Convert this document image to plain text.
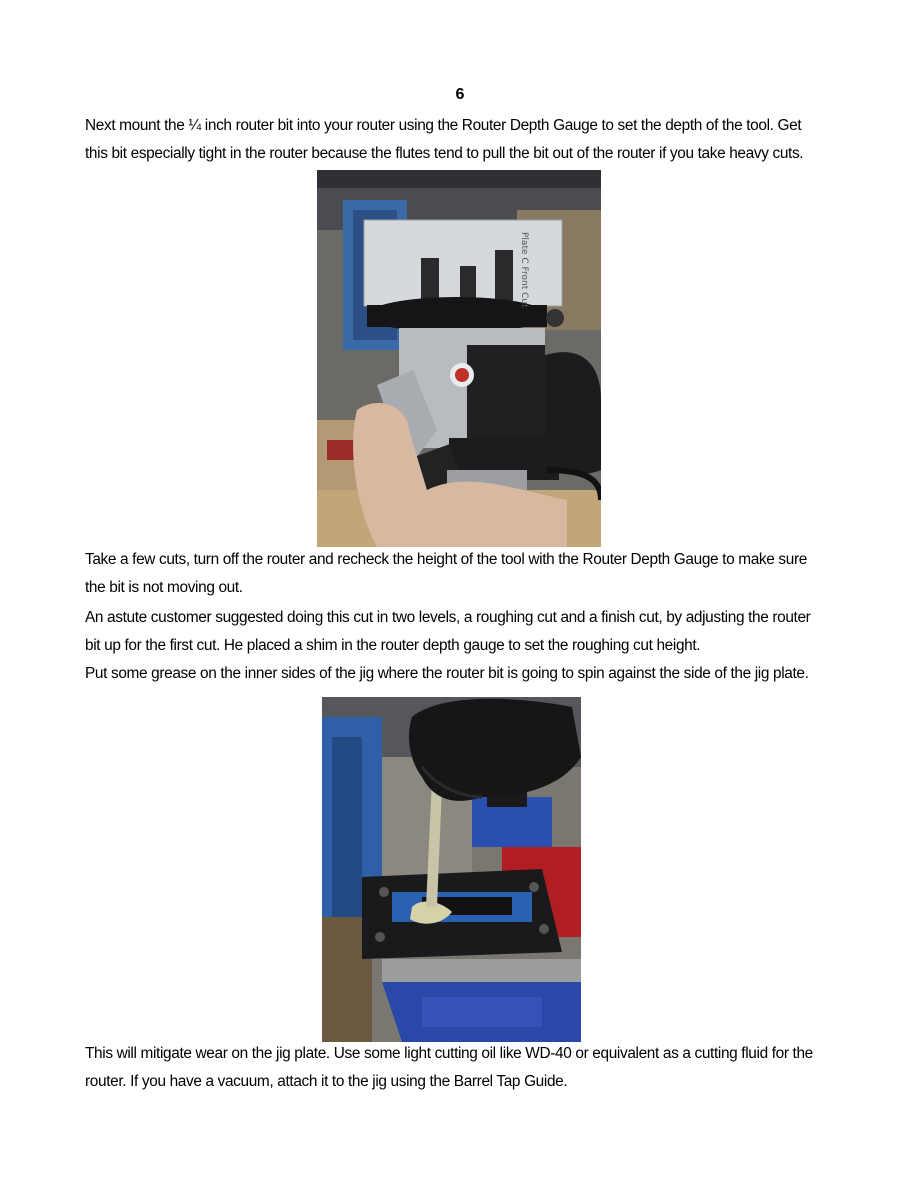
6
Next mount the ¼ inch router bit into your router using the Router Depth Gauge to set the depth of the tool. Get
this bit especially tight in the router because the flutes tend to pull the bit out of the router if you take heavy cuts.
Plate C Front Cut
Take a few cuts, turn off the router and recheck the height of the tool with the Router Depth Gauge to make sure
the bit is not moving out.
An astute customer suggested doing this cut in two levels, a roughing cut and a finish cut, by adjusting the router
bit up for the first cut. He placed a shim in the router depth gauge to set the roughing cut height.
Put some grease on the inner sides of the jig where the router bit is going to spin against the side of the jig plate.
This will mitigate wear on the jig plate. Use some light cutting oil like WD-40 or equivalent as a cutting fluid for the
router. If you have a vacuum, attach it to the jig using the Barrel Tap Guide.
